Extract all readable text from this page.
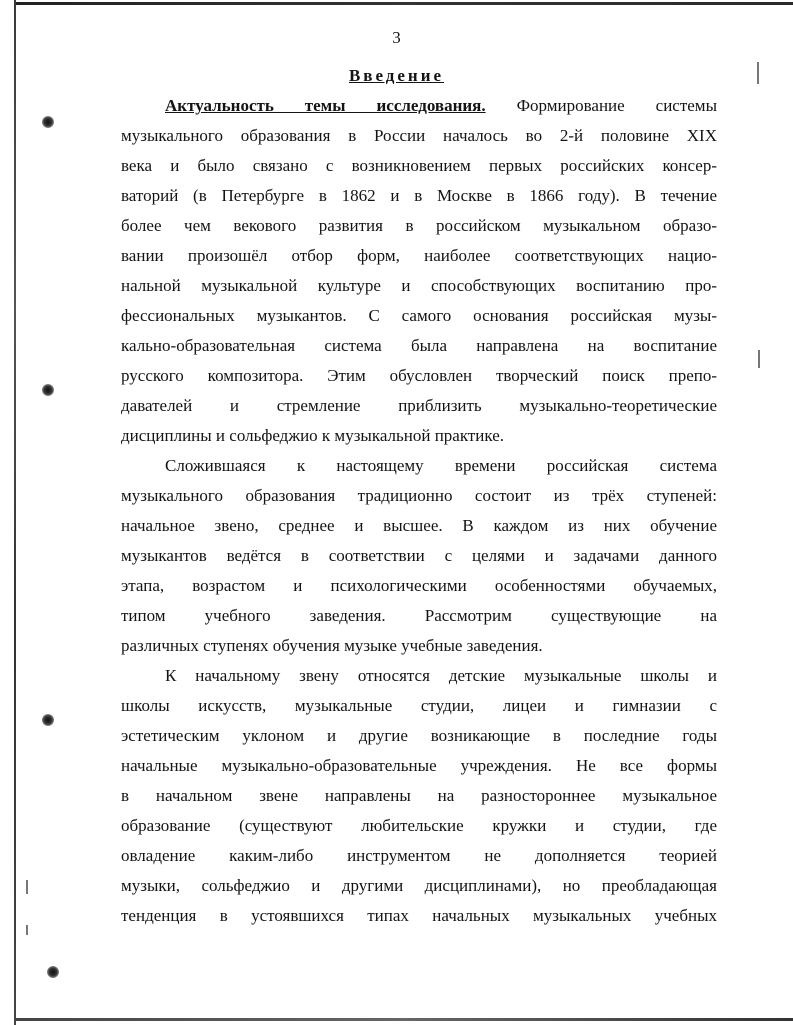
3
Введение
Актуальность темы исследования. Формирование системы
музыкального образования в России началось во 2-й половине XIX
века и было связано с возникновением первых российских консер-
ваторий (в Петербурге в 1862 и в Москве в 1866 году). В течение
более чем векового развития в российском музыкальном образо-
вании произошёл отбор форм, наиболее соответствующих нацио-
нальной музыкальной культуре и способствующих воспитанию про-
фессиональных музыкантов. С самого основания российская музы-
кально-образовательная система была направлена на воспитание
русского композитора. Этим обусловлен творческий поиск препо-
давателей и стремление приблизить музыкально-теоретические
дисциплины и сольфеджио к музыкальной практике.
Сложившаяся к настоящему времени российская система
музыкального образования традиционно состоит из трёх ступеней:
начальное звено, среднее и высшее. В каждом из них обучение
музыкантов ведётся в соответствии с целями и задачами данного
этапа, возрастом и психологическими особенностями обучаемых,
типом учебного заведения. Рассмотрим существующие на
различных ступенях обучения музыке учебные заведения.
К начальному звену относятся детские музыкальные школы и
школы искусств, музыкальные студии, лицеи и гимназии с
эстетическим уклоном и другие возникающие в последние годы
начальные музыкально-образовательные учреждения. Не все формы
в начальном звене направлены на разностороннее музыкальное
образование (существуют любительские кружки и студии, где
овладение каким-либо инструментом не дополняется теорией
музыки, сольфеджио и другими дисциплинами), но преобладающая
тенденция в устоявшихся типах начальных музыкальных учебных
